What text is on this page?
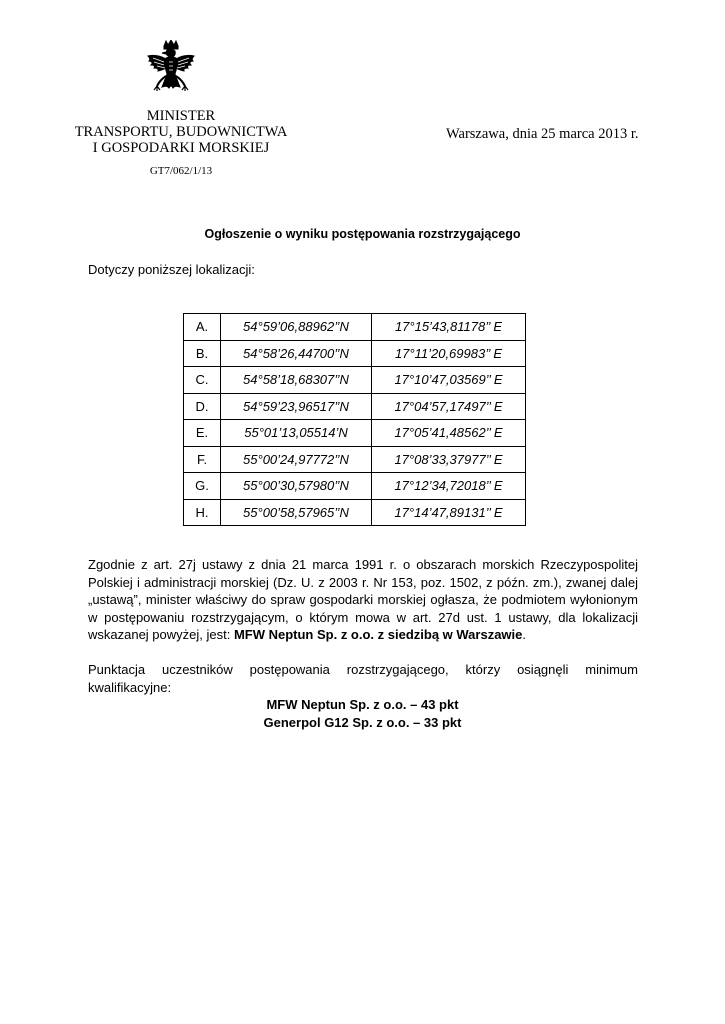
MINISTER
TRANSPORTU, BUDOWNICTWA
I GOSPODARKI MORSKIEJ
Warszawa, dnia 25 marca 2013 r.
GT7/062/1/13
Ogłoszenie o wyniku postępowania rozstrzygającego
Dotyczy poniższej lokalizacji:
A.	54°59’06,88962’’N	17°15’43,81178’’ E
B.	54°58’26,44700’’N	17°11’20,69983’’ E
C.	54°58’18,68307’’N	17°10’47,03569’’ E
D.	54°59’23,96517’’N	17°04’57,17497’’ E
E.	55°01’13,05514’N	17°05’41,48562’’ E
F.	55°00’24,97772’’N	17°08’33,37977’’ E
G.	55°00’30,57980’’N	17°12’34,72018’’ E
H.	55°00’58,57965’’N	17°14’47,89131’’ E
Zgodnie z art. 27j ustawy z dnia 21 marca 1991 r. o obszarach morskich Rzeczypospolitej Polskiej i administracji morskiej (Dz. U. z 2003 r. Nr 153, poz. 1502, z późn. zm.), zwanej dalej „ustawą”, minister właściwy do spraw gospodarki morskiej ogłasza, że podmiotem wyłonionym w postępowaniu rozstrzygającym, o którym mowa w art. 27d ust. 1 ustawy, dla lokalizacji wskazanej powyżej, jest: MFW Neptun Sp. z o.o. z siedzibą w Warszawie.
Punktacja uczestników postępowania rozstrzygającego, którzy osiągnęli minimum kwalifikacyjne:
MFW Neptun Sp. z o.o. – 43 pkt
Generpol G12 Sp. z o.o. – 33 pkt
